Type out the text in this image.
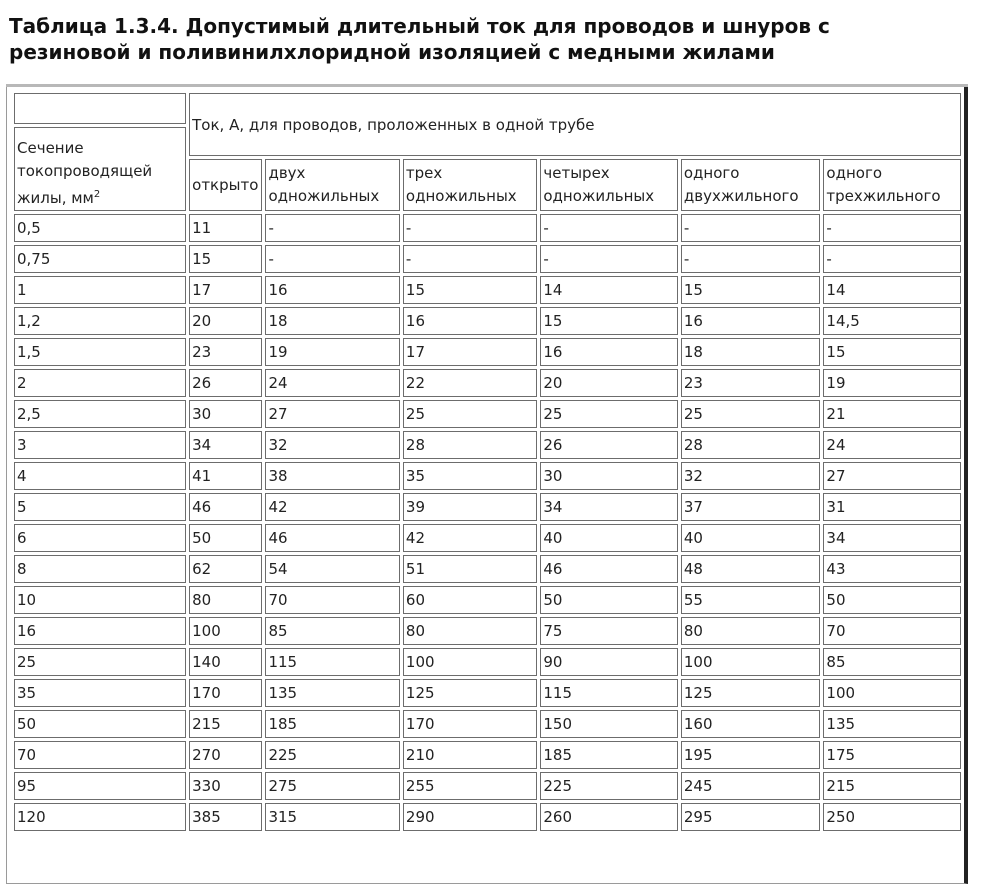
Таблица 1.3.4. Допустимый длительный ток для проводов и шнуров с
резиновой и поливинилхлоридной изоляцией с медными жилами
	Ток, А, для проводов, проложенных в одной трубе					
Сечение токопроводящей жилы, $мм^2$
	открыто	двух одножильных	трех одножильных	четырех одножильных	одного двухжильного	одного трехжильного
0,5	11	-	-	-	-	-
0,75	15	-	-	-	-	-
1	17	16	15	14	15	14
1,2	20	18	16	15	16	14,5
1,5	23	19	17	16	18	15
2	26	24	22	20	23	19
2,5	30	27	25	25	25	21
3	34	32	28	26	28	24
4	41	38	35	30	32	27
5	46	42	39	34	37	31
6	50	46	42	40	40	34
8	62	54	51	46	48	43
10	80	70	60	50	55	50
16	100	85	80	75	80	70
25	140	115	100	90	100	85
35	170	135	125	115	125	100
50	215	185	170	150	160	135
70	270	225	210	185	195	175
95	330	275	255	225	245	215
120	385	315	290	260	295	250
